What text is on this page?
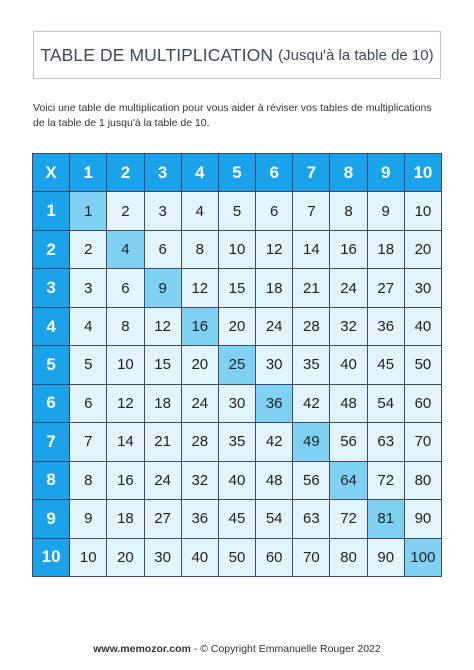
TABLE DE MULTIPLICATION (Jusqu'à la table de 10)
Voici une table de multiplication pour vous aider à réviser vos tables de multiplications de la table de 1 jusqu'à la table de 10.
X	1	2	3	4	5	6	7	8	9	10
1	1	2	3	4	5	6	7	8	9	10
2	2	4	6	8	10	12	14	16	18	20
3	3	6	9	12	15	18	21	24	27	30
4	4	8	12	16	20	24	28	32	36	40
5	5	10	15	20	25	30	35	40	45	50
6	6	12	18	24	30	36	42	48	54	60
7	7	14	21	28	35	42	49	56	63	70
8	8	16	24	32	40	48	56	64	72	80
9	9	18	27	36	45	54	63	72	81	90
10	10	20	30	40	50	60	70	80	90	100
www.memozor.com - © Copyright Emmanuelle Rouger 2022
